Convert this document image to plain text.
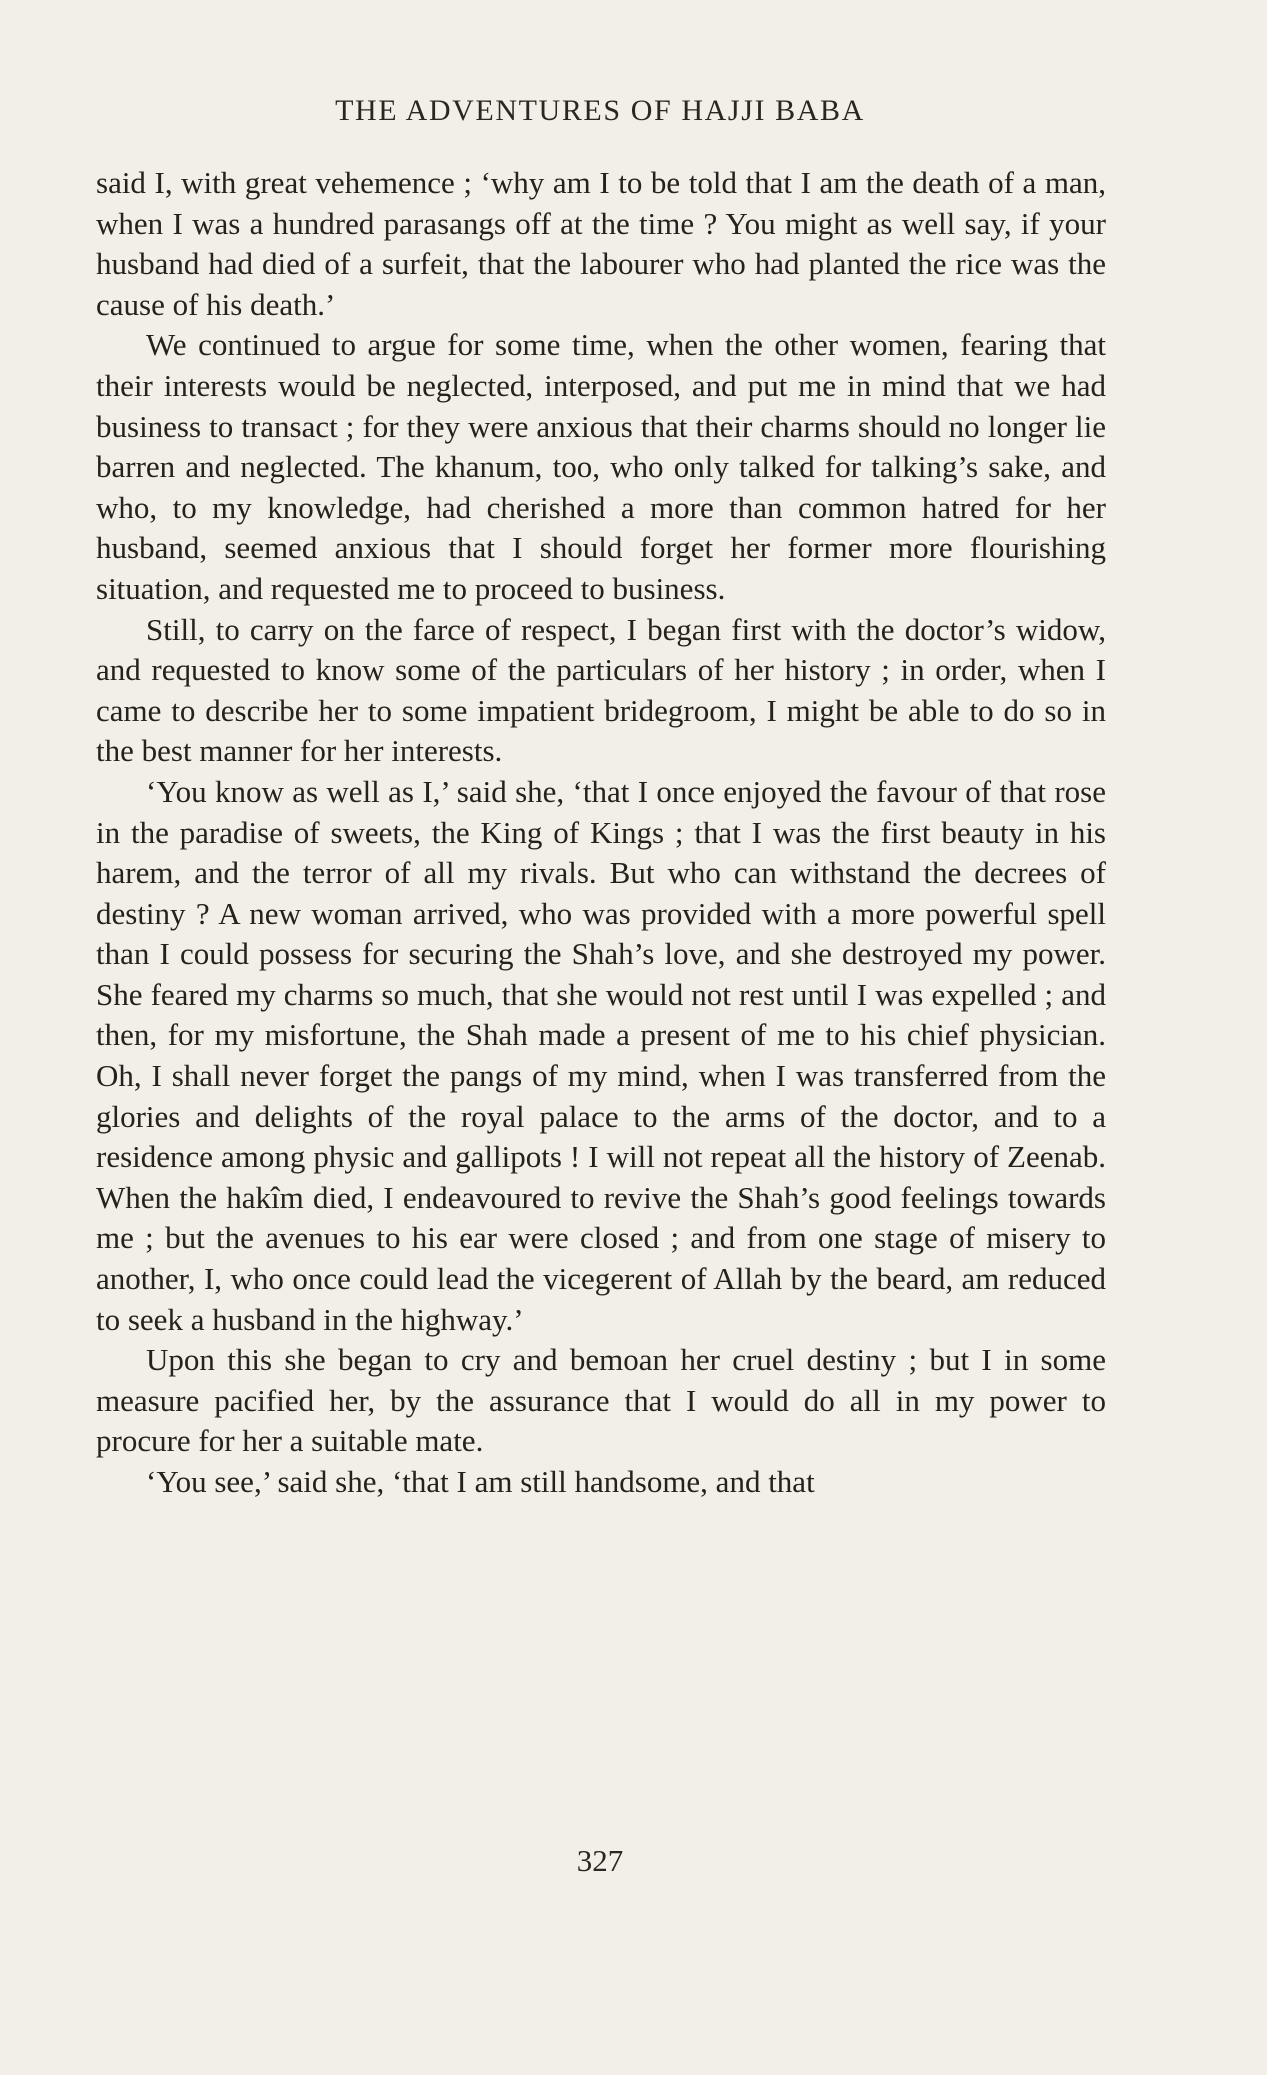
THE ADVENTURES OF HAJJI BABA

said I, with great vehemence ; ‘why am I to be told that I am the death of a man, when I was a hundred parasangs off at the time ? You might as well say, if your husband had died of a surfeit, that the labourer who had planted the rice was the cause of his death.’

We continued to argue for some time, when the other women, fearing that their interests would be neglected, interposed, and put me in mind that we had business to transact ; for they were anxious that their charms should no longer lie barren and neglected. The khanum, too, who only talked for talking’s sake, and who, to my knowledge, had cherished a more than common hatred for her husband, seemed anxious that I should forget her former more flourishing situation, and requested me to proceed to business.

Still, to carry on the farce of respect, I began first with the doctor’s widow, and requested to know some of the particulars of her history ; in order, when I came to describe her to some impatient bridegroom, I might be able to do so in the best manner for her interests.

‘You know as well as I,’ said she, ‘that I once enjoyed the favour of that rose in the paradise of sweets, the King of Kings ; that I was the first beauty in his harem, and the terror of all my rivals. But who can withstand the decrees of destiny ? A new woman arrived, who was provided with a more powerful spell than I could possess for securing the Shah’s love, and she destroyed my power. She feared my charms so much, that she would not rest until I was expelled ; and then, for my misfortune, the Shah made a present of me to his chief physician. Oh, I shall never forget the pangs of my mind, when I was transferred from the glories and delights of the royal palace to the arms of the doctor, and to a residence among physic and gallipots ! I will not repeat all the history of Zeenab. When the hakîm died, I endeavoured to revive the Shah’s good feelings towards me ; but the avenues to his ear were closed ; and from one stage of misery to another, I, who once could lead the vicegerent of Allah by the beard, am reduced to seek a husband in the highway.’

Upon this she began to cry and bemoan her cruel destiny ; but I in some measure pacified her, by the assurance that I would do all in my power to procure for her a suitable mate.

‘You see,’ said she, ‘that I am still handsome, and that

327
